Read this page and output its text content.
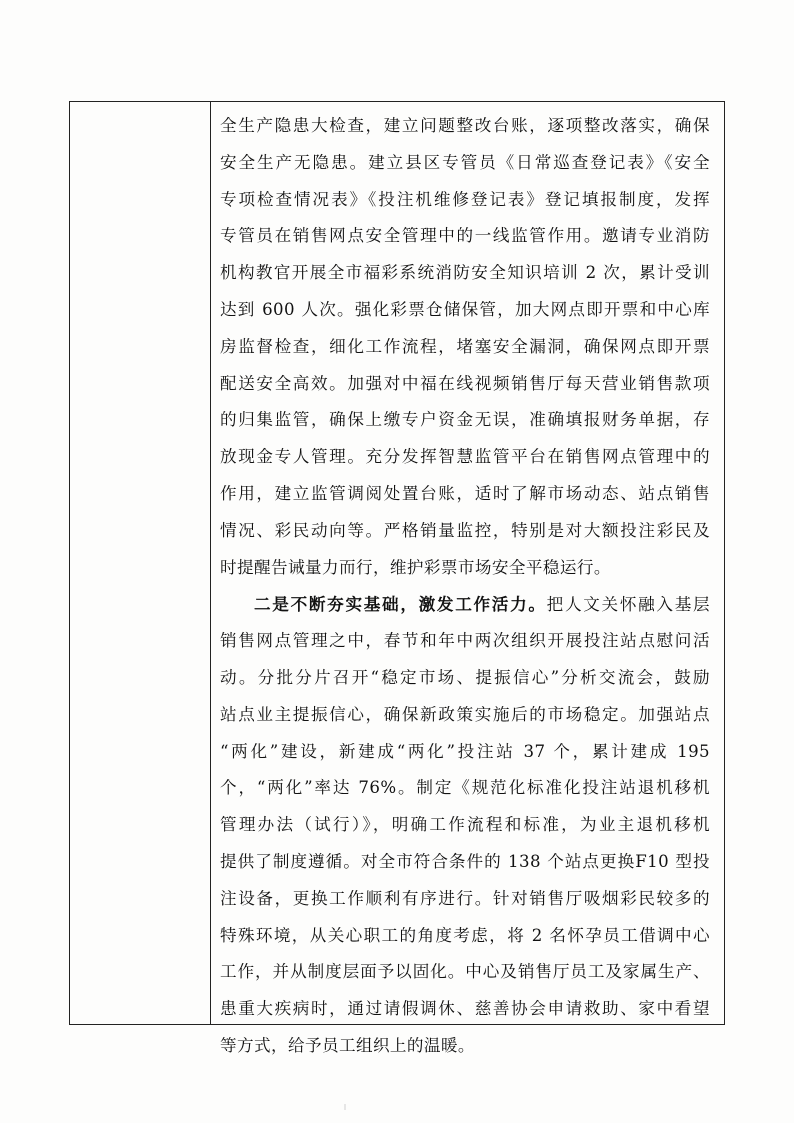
全生产隐患大检查，建立问题整改台账，逐项整改落实，确保
安全生产无隐患。建立县区专管员《日常巡查登记表》《安全
专项检查情况表》《投注机维修登记表》登记填报制度，发挥
专管员在销售网点安全管理中的一线监管作用。邀请专业消防
机构教官开展全市福彩系统消防安全知识培训 2 次，累计受训
达到 600 人次。强化彩票仓储保管，加大网点即开票和中心库
房监督检查，细化工作流程，堵塞安全漏洞，确保网点即开票
配送安全高效。加强对中福在线视频销售厅每天营业销售款项
的归集监管，确保上缴专户资金无误，准确填报财务单据，存
放现金专人管理。充分发挥智慧监管平台在销售网点管理中的
作用，建立监管调阅处置台账，适时了解市场动态、站点销售
情况、彩民动向等。严格销量监控，特别是对大额投注彩民及
时提醒告诫量力而行，维护彩票市场安全平稳运行。
二是不断夯实基础，激发工作活力。把人文关怀融入基层
销售网点管理之中，春节和年中两次组织开展投注站点慰问活
动。分批分片召开“稳定市场、提振信心”分析交流会，鼓励
站点业主提振信心，确保新政策实施后的市场稳定。加强站点
“两化”建设，新建成“两化”投注站 37 个，累计建成 195
个，“两化”率达 76%。制定《规范化标准化投注站退机移机
管理办法（试行）》，明确工作流程和标准，为业主退机移机
提供了制度遵循。对全市符合条件的 138 个站点更换F10 型投
注设备，更换工作顺利有序进行。针对销售厅吸烟彩民较多的
特殊环境，从关心职工的角度考虑，将 2 名怀孕员工借调中心
工作，并从制度层面予以固化。中心及销售厅员工及家属生产、
患重大疾病时，通过请假调休、慈善协会申请救助、家中看望
等方式，给予员工组织上的温暖。
